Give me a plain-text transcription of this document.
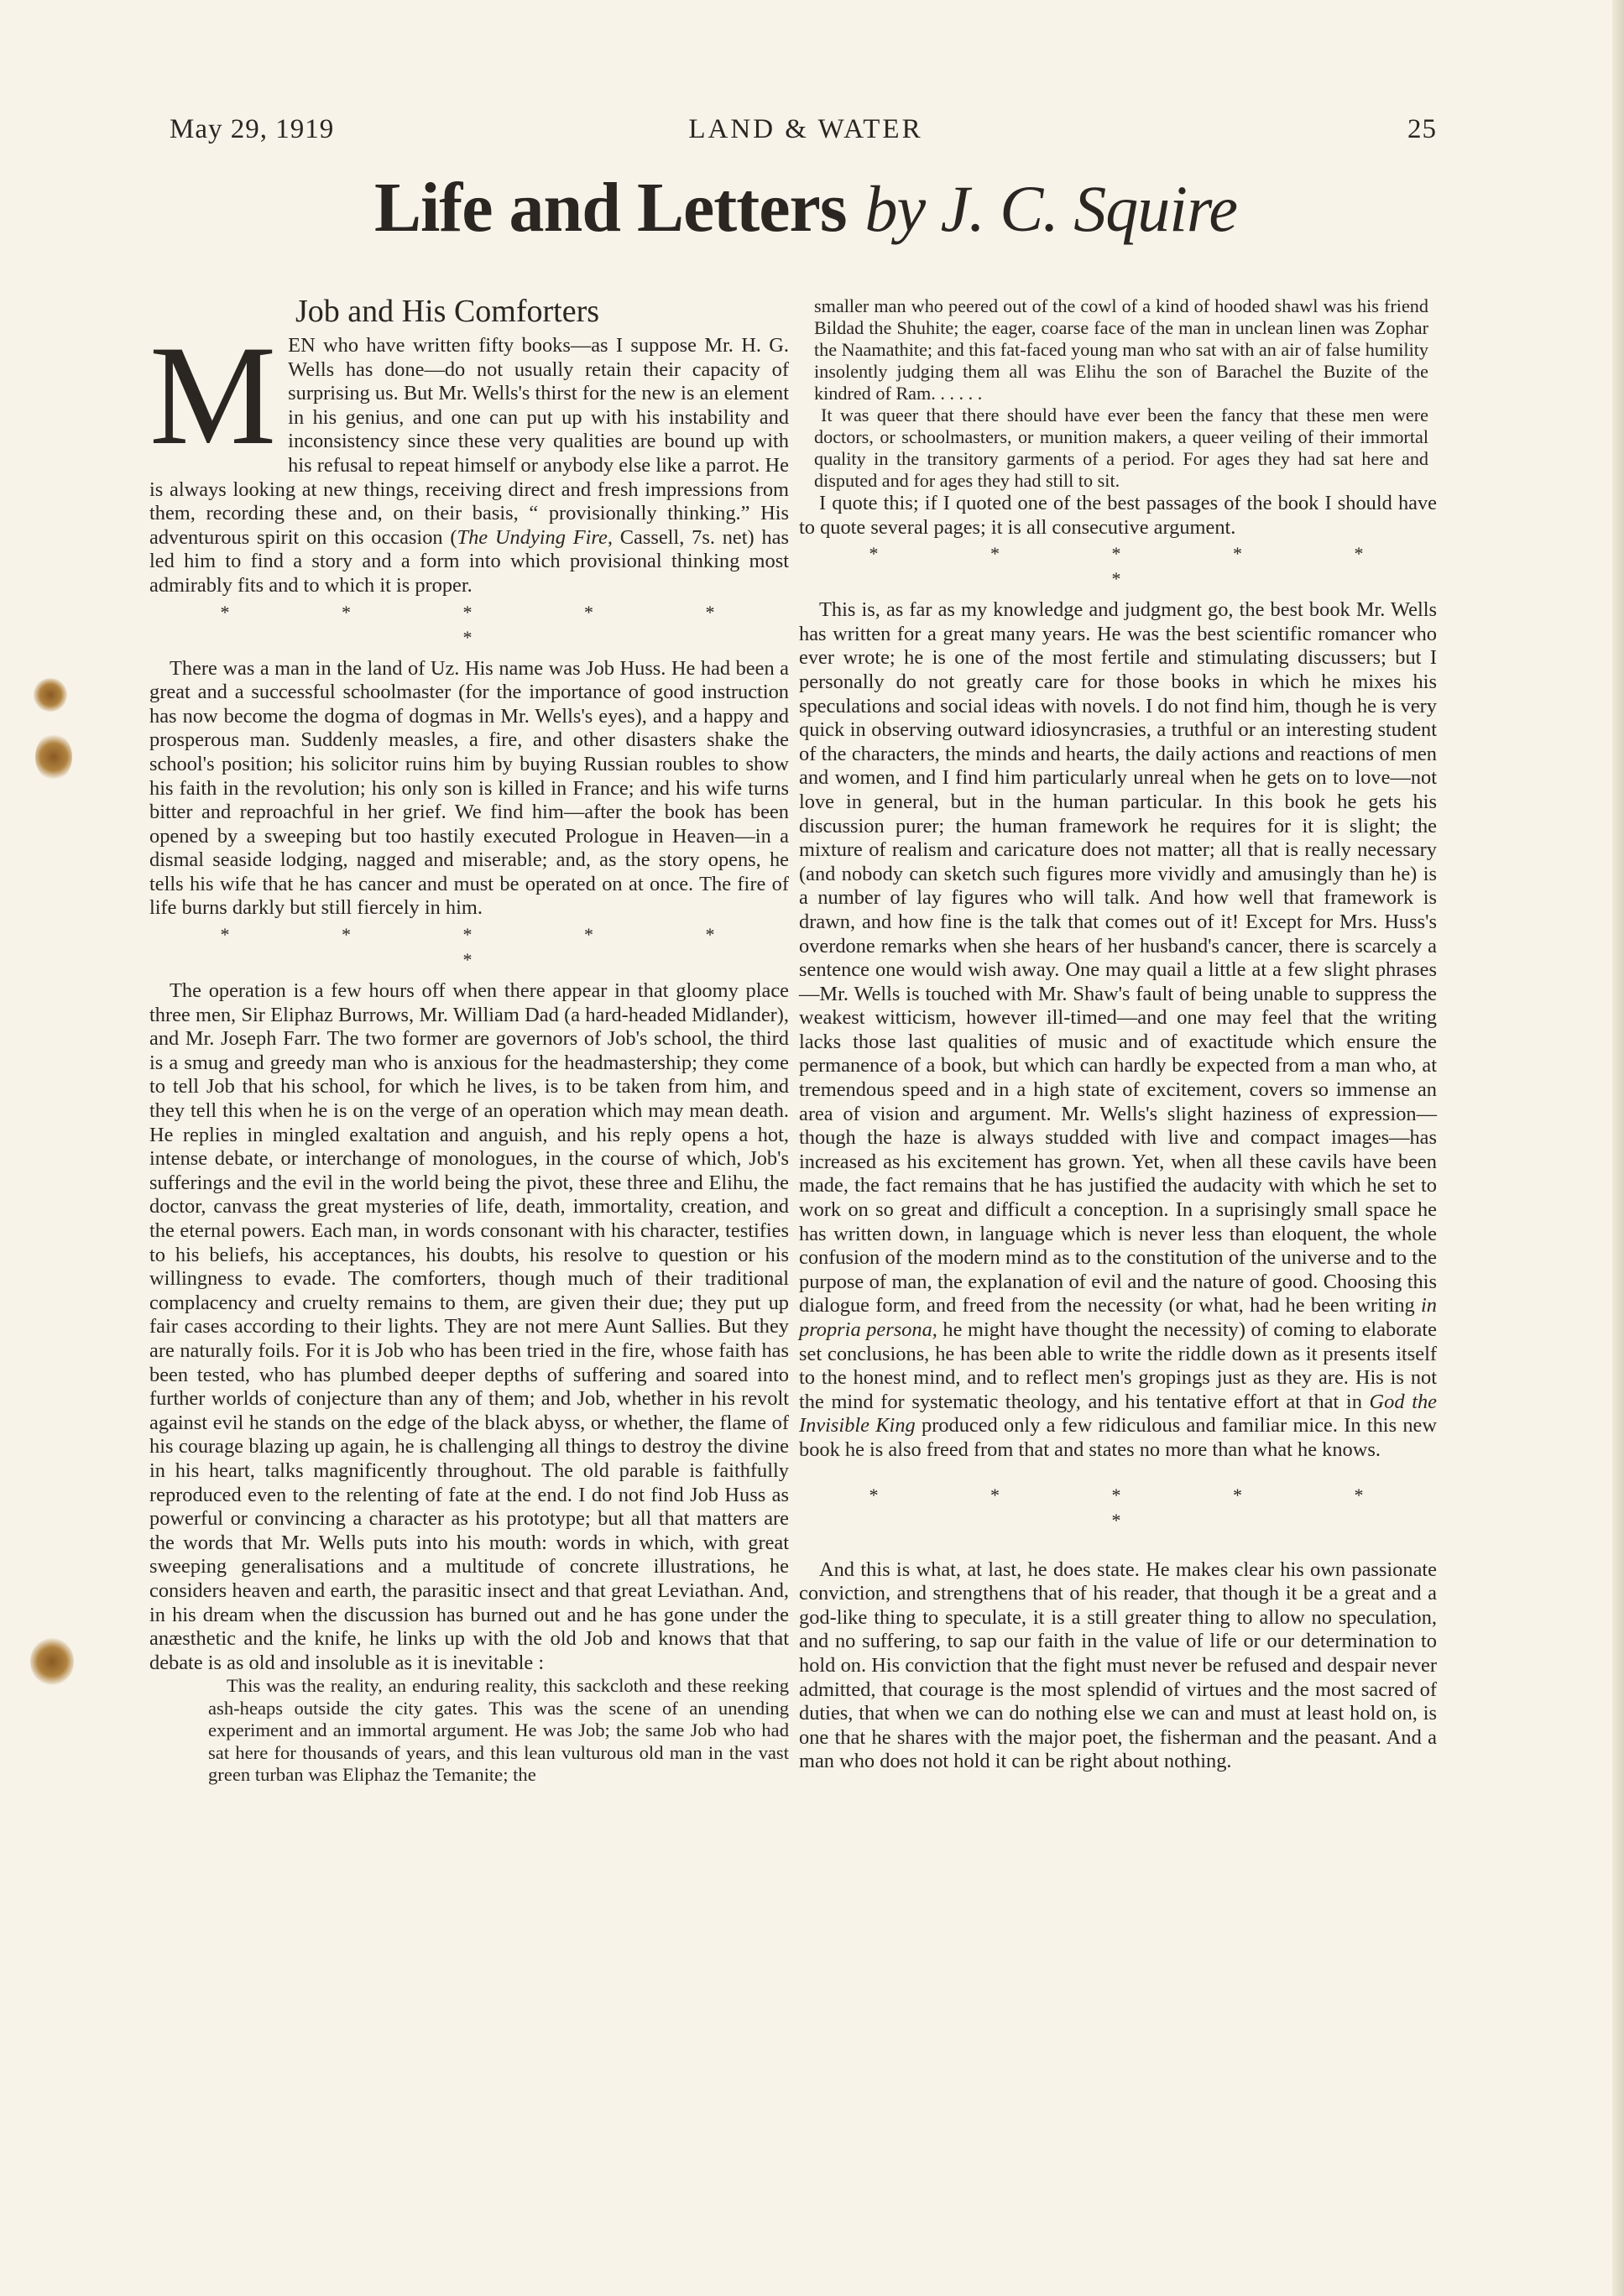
May 29, 1919	LAND & WATER	25
Life and Letters by J. C. Squire
Job and His Comforters

MEN who have written fifty books—as I suppose Mr. H. G. Wells has done—do not usually retain their capacity of surprising us. But Mr. Wells's thirst for the new is an element in his genius, and one can put up with his instability and inconsistency since these very qualities are bound up with his refusal to repeat himself or anybody else like a parrot. He is always looking at new things, receiving direct and fresh impressions from them, recording these and, on their basis, “ provisionally thinking.” His adventurous spirit on this occasion (The Undying Fire, Cassell, 7s. net) has led him to find a story and a form into which provisional thinking most admirably fits and to which it is proper.

* * * * * *

There was a man in the land of Uz. His name was Job Huss. He had been a great and a successful schoolmaster (for the importance of good instruction has now become the dogma of dogmas in Mr. Wells's eyes), and a happy and prosperous man. Suddenly measles, a fire, and other disasters shake the school's position; his solicitor ruins him by buying Russian roubles to show his faith in the revolution; his only son is killed in France; and his wife turns bitter and reproachful in her grief. We find him—after the book has been opened by a sweeping but too hastily executed Prologue in Heaven—in a dismal seaside lodging, nagged and miserable; and, as the story opens, he tells his wife that he has cancer and must be operated on at once. The fire of life burns darkly but still fiercely in him.

* * * * * *

The operation is a few hours off when there appear in that gloomy place three men, Sir Eliphaz Burrows, Mr. William Dad (a hard-headed Midlander), and Mr. Joseph Farr. The two former are governors of Job's school, the third is a smug and greedy man who is anxious for the headmastership; they come to tell Job that his school, for which he lives, is to be taken from him, and they tell this when he is on the verge of an operation which may mean death. He replies in mingled exaltation and anguish, and his reply opens a hot, intense debate, or interchange of monologues, in the course of which, Job's sufferings and the evil in the world being the pivot, these three and Elihu, the doctor, canvass the great mysteries of life, death, immortality, creation, and the eternal powers. Each man, in words consonant with his character, testifies to his beliefs, his acceptances, his doubts, his resolve to question or his willingness to evade. The comforters, though much of their traditional complacency and cruelty remains to them, are given their due; they put up fair cases according to their lights. They are not mere Aunt Sallies. But they are naturally foils. For it is Job who has been tried in the fire, whose faith has been tested, who has plumbed deeper depths of suffering and soared into further worlds of conjecture than any of them; and Job, whether in his revolt against evil he stands on the edge of the black abyss, or whether, the flame of his courage blazing up again, he is challenging all things to destroy the divine in his heart, talks magnificently throughout. The old parable is faithfully reproduced even to the relenting of fate at the end. I do not find Job Huss as powerful or convincing a character as his prototype; but all that matters are the words that Mr. Wells puts into his mouth: words in which, with great sweeping generalisations and a multitude of concrete illustrations, he considers heaven and earth, the parasitic insect and that great Leviathan. And, in his dream when the discussion has burned out and he has gone under the anæsthetic and the knife, he links up with the old Job and knows that that debate is as old and insoluble as it is inevitable :

This was the reality, an enduring reality, this sackcloth and these reeking ash-heaps outside the city gates. This was the scene of an unending experiment and an immortal argument. He was Job; the same Job who had sat here for thousands of years, and this lean vulturous old man in the vast green turban was Eliphaz the Temanite; the

smaller man who peered out of the cowl of a kind of hooded shawl was his friend Bildad the Shuhite; the eager, coarse face of the man in unclean linen was Zophar the Naamathite; and this fat-faced young man who sat with an air of false humility insolently judging them all was Elihu the son of Barachel the Buzite of the kindred of Ram. . . . . .

It was queer that there should have ever been the fancy that these men were doctors, or schoolmasters, or munition makers, a queer veiling of their immortal quality in the transitory garments of a period. For ages they had sat here and disputed and for ages they had still to sit.

I quote this; if I quoted one of the best passages of the book I should have to quote several pages; it is all consecutive argument.

* * * * * *

This is, as far as my knowledge and judgment go, the best book Mr. Wells has written for a great many years. He was the best scientific romancer who ever wrote; he is one of the most fertile and stimulating discussers; but I personally do not greatly care for those books in which he mixes his speculations and social ideas with novels. I do not find him, though he is very quick in observing outward idiosyncrasies, a truthful or an interesting student of the characters, the minds and hearts, the daily actions and reactions of men and women, and I find him particularly unreal when he gets on to love—not love in general, but in the human particular. In this book he gets his discussion purer; the human framework he requires for it is slight; the mixture of realism and caricature does not matter; all that is really necessary (and nobody can sketch such figures more vividly and amusingly than he) is a number of lay figures who will talk. And how well that framework is drawn, and how fine is the talk that comes out of it! Except for Mrs. Huss's overdone remarks when she hears of her husband's cancer, there is scarcely a sentence one would wish away. One may quail a little at a few slight phrases—Mr. Wells is touched with Mr. Shaw's fault of being unable to suppress the weakest witticism, however ill-timed—and one may feel that the writing lacks those last qualities of music and of exactitude which ensure the permanence of a book, but which can hardly be expected from a man who, at tremendous speed and in a high state of excitement, covers so immense an area of vision and argument. Mr. Wells's slight haziness of expression—though the haze is always studded with live and compact images—has increased as his excitement has grown. Yet, when all these cavils have been made, the fact remains that he has justified the audacity with which he set to work on so great and difficult a conception. In a suprisingly small space he has written down, in language which is never less than eloquent, the whole confusion of the modern mind as to the constitution of the universe and to the purpose of man, the explanation of evil and the nature of good. Choosing this dialogue form, and freed from the necessity (or what, had he been writing in propria persona, he might have thought the necessity) of coming to elaborate set conclusions, he has been able to write the riddle down as it presents itself to the honest mind, and to reflect men's gropings just as they are. His is not the mind for systematic theology, and his tentative effort at that in God the Invisible King produced only a few ridiculous and familiar mice. In this new book he is also freed from that and states no more than what he knows.

* * * * * *

And this is what, at last, he does state. He makes clear his own passionate conviction, and strengthens that of his reader, that though it be a great and a god-like thing to speculate, it is a still greater thing to allow no speculation, and no suffering, to sap our faith in the value of life or our determination to hold on. His conviction that the fight must never be refused and despair never admitted, that courage is the most splendid of virtues and the most sacred of duties, that when we can do nothing else we can and must at least hold on, is one that he shares with the major poet, the fisherman and the peasant. And a man who does not hold it can be right about nothing.
